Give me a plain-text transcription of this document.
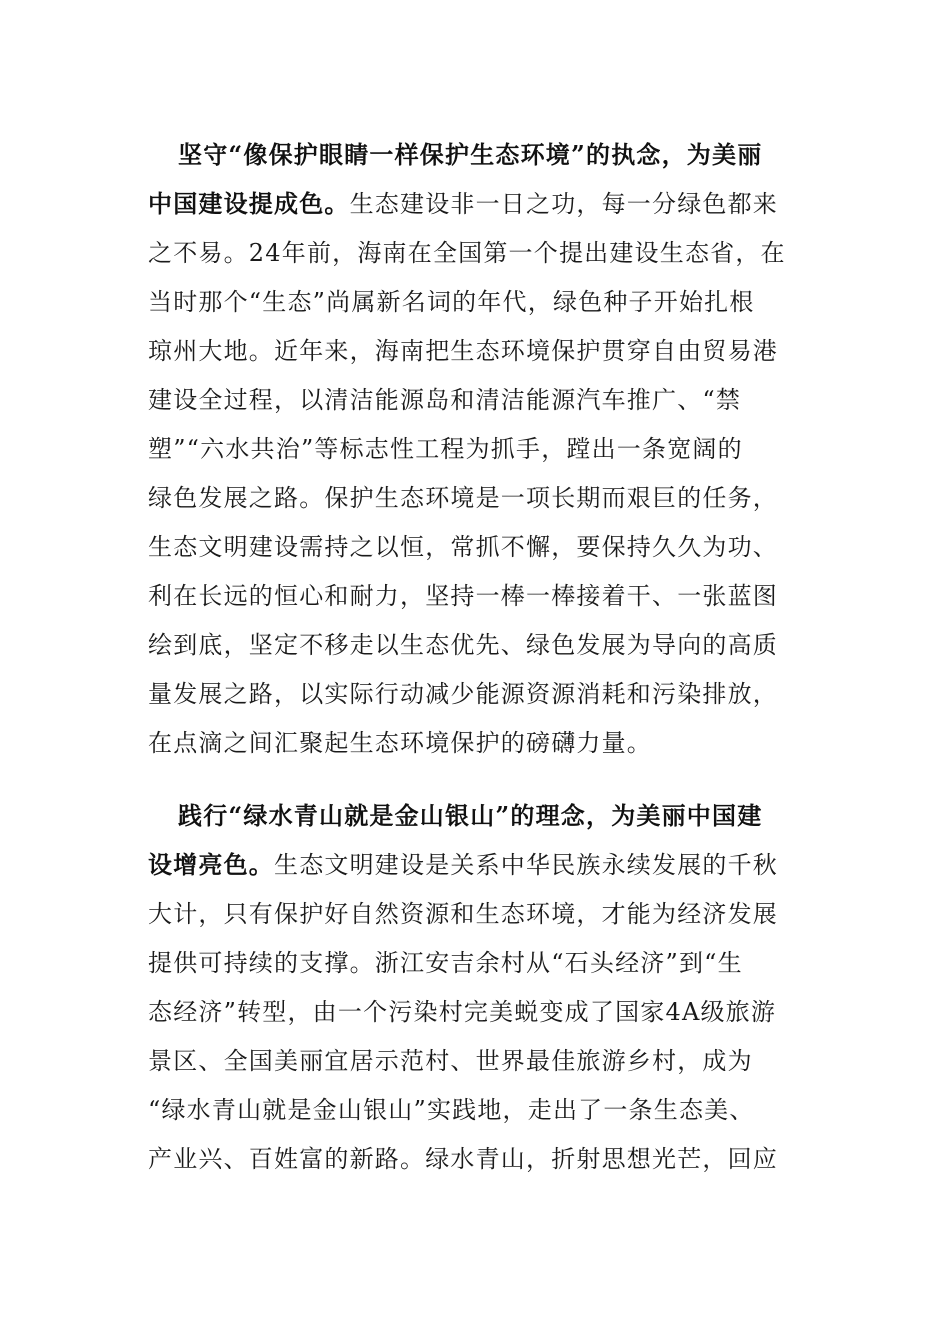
坚守“像保护眼睛一样保护生态环境”的执念，为美丽
中国建设提成色。生态建设非一日之功，每一分绿色都来
之不易。24年前，海南在全国第一个提出建设生态省，在
当时那个“生态”尚属新名词的年代，绿色种子开始扎根
琼州大地。近年来，海南把生态环境保护贯穿自由贸易港
建设全过程，以清洁能源岛和清洁能源汽车推广、“禁
塑”“六水共治”等标志性工程为抓手，蹚出一条宽阔的
绿色发展之路。保护生态环境是一项长期而艰巨的任务，
生态文明建设需持之以恒，常抓不懈，要保持久久为功、
利在长远的恒心和耐力，坚持一棒一棒接着干、一张蓝图
绘到底，坚定不移走以生态优先、绿色发展为导向的高质
量发展之路，以实际行动减少能源资源消耗和污染排放，
在点滴之间汇聚起生态环境保护的磅礴力量。
践行“绿水青山就是金山银山”的理念，为美丽中国建
设增亮色。生态文明建设是关系中华民族永续发展的千秋
大计，只有保护好自然资源和生态环境，才能为经济发展
提供可持续的支撑。浙江安吉余村从“石头经济”到“生
态经济”转型，由一个污染村完美蜕变成了国家4A级旅游
景区、全国美丽宜居示范村、世界最佳旅游乡村，成为
“绿水青山就是金山银山”实践地，走出了一条生态美、
产业兴、百姓富的新路。绿水青山，折射思想光芒，回应
